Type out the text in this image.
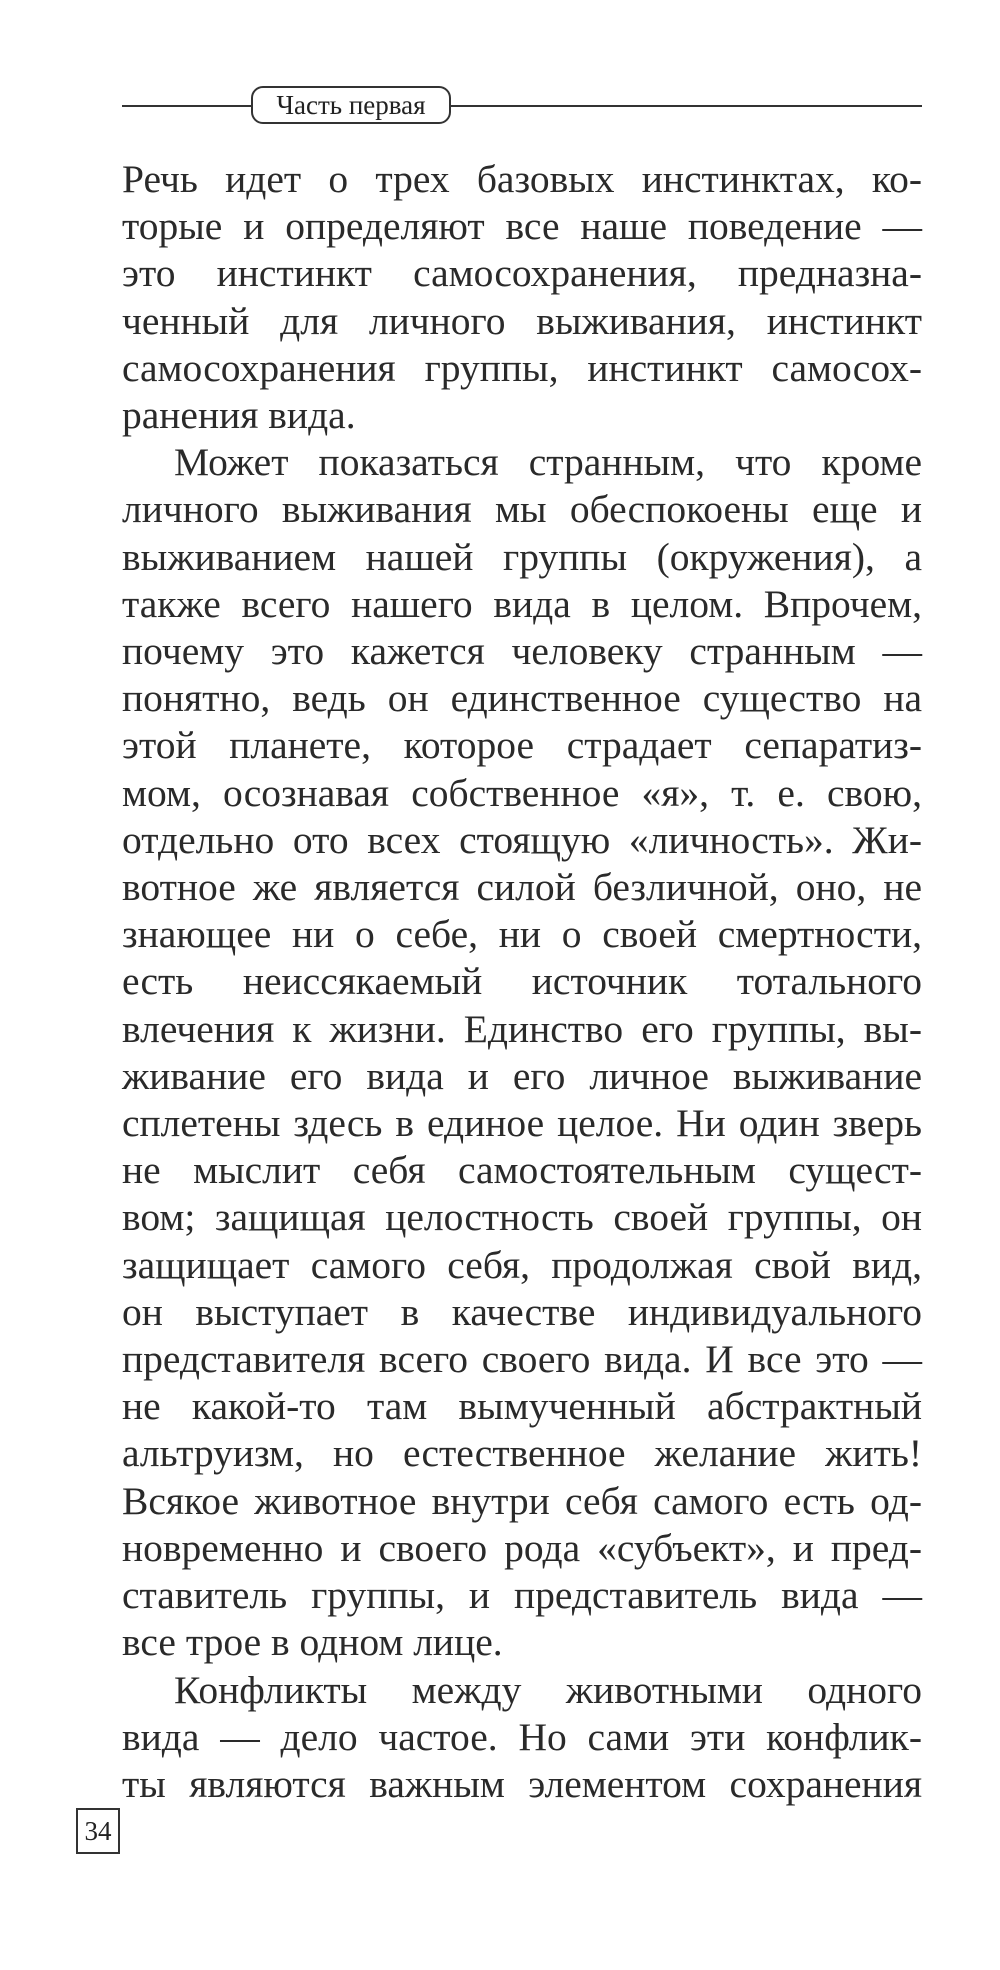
Часть первая
Речь идет о трех базовых инстинктах, ко-
торые и определяют все наше поведение —
это инстинкт самосохранения, предназна-
ченный для личного выживания, инстинкт
самосохранения группы, инстинкт самосох-
ранения вида.
Может показаться странным, что кроме
личного выживания мы обеспокоены еще и
выживанием нашей группы (окружения), а
также всего нашего вида в целом. Впрочем,
почему это кажется человеку странным —
понятно, ведь он единственное существо на
этой планете, которое страдает сепаратиз-
мом, осознавая собственное «я», т. е. свою,
отдельно ото всех стоящую «личность». Жи-
вотное же является силой безличной, оно, не
знающее ни о себе, ни о своей смертности,
есть неиссякаемый источник тотального
влечения к жизни. Единство его группы, вы-
живание его вида и его личное выживание
сплетены здесь в единое целое. Ни один зверь
не мыслит себя самостоятельным сущест-
вом; защищая целостность своей группы, он
защищает самого себя, продолжая свой вид,
он выступает в качестве индивидуального
представителя всего своего вида. И все это —
не какой-то там вымученный абстрактный
альтруизм, но естественное желание жить!
Всякое животное внутри себя самого есть од-
новременно и своего рода «субъект», и пред-
ставитель группы, и представитель вида —
все трое в одном лице.
Конфликты между животными одного
вида — дело частое. Но сами эти конфлик-
ты являются важным элементом сохранения
34
